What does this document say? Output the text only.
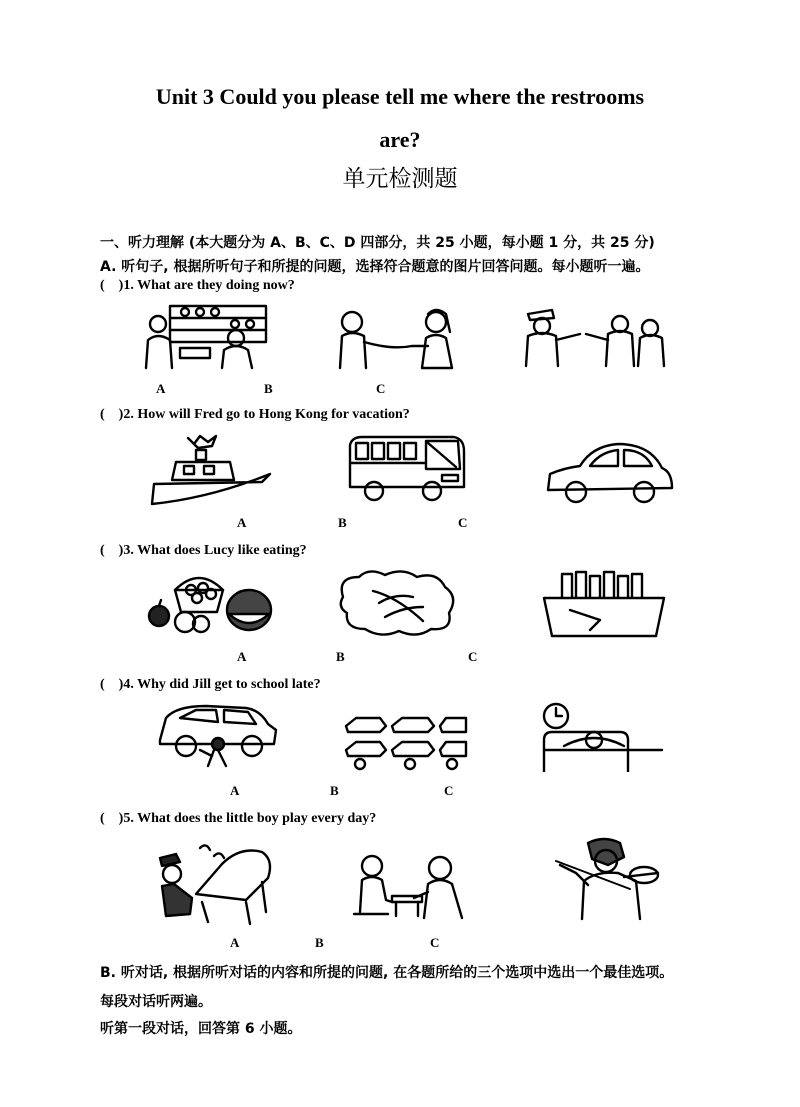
Unit 3 Could you please tell me where the restrooms
are?
单元检测题
一、听力理解 (本大题分为 A、B、C、D 四部分，共 25 小题，每小题 1 分，共 25 分)
A. 听句子, 根据所听句子和所提的问题，选择符合题意的图片回答问题。每小题听一遍。
(    )1. What are they doing now?
A	B	C
(    )2. How will Fred go to Hong Kong for vacation?
A	B	C
(    )3. What does Lucy like eating?
A	B	C
(    )4. Why did Jill get to school late?
A	B	C
(    )5. What does the little boy play every day?
A	B	C
B. 听对话, 根据所听对话的内容和所提的问题, 在各题所给的三个选项中选出一个最佳选项。
每段对话听两遍。
听第一段对话，回答第 6 小题。
